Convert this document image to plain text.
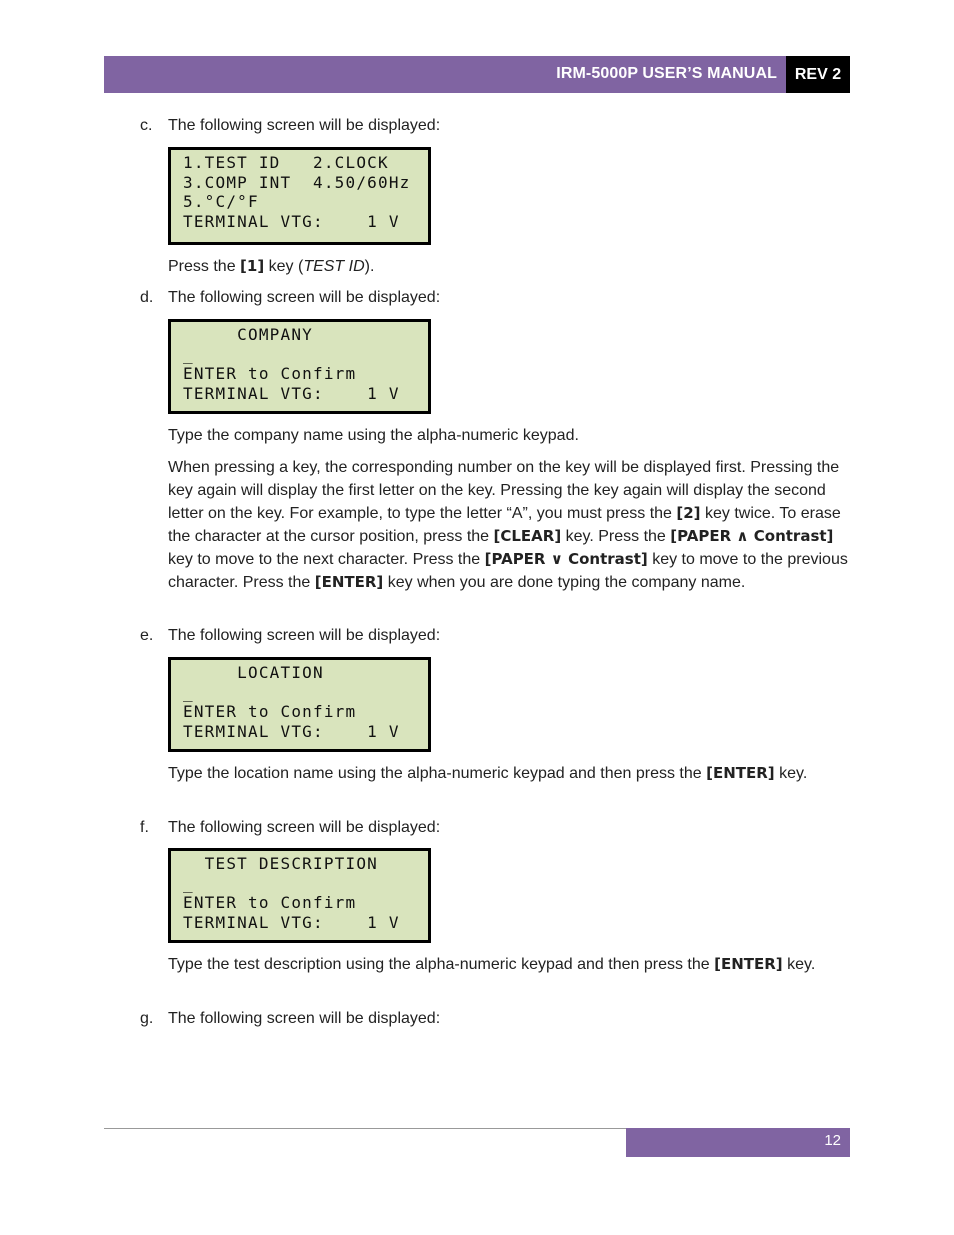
IRM-5000P USER’S MANUAL	REV 2
c. The following screen will be displayed:
1.TEST ID   2.CLOCK
3.COMP INT  4.50/60Hz
5.°C/°F
TERMINAL VTG:    1 V
Press the [1] key (TEST ID).
d. The following screen will be displayed:
COMPANY
_
ENTER to Confirm
TERMINAL VTG:    1 V
Type the company name using the alpha-numeric keypad.
When pressing a key, the corresponding number on the key will be displayed first. Pressing the key again will display the first letter on the key. Pressing the key again will display the second letter on the key. For example, to type the letter “A”, you must press the [2] key twice. To erase the character at the cursor position, press the [CLEAR] key. Press the [PAPER ∧ Contrast] key to move to the next character. Press the [PAPER ∨ Contrast] key to move to the previous character. Press the [ENTER] key when you are done typing the company name.
e. The following screen will be displayed:
LOCATION
_
ENTER to Confirm
TERMINAL VTG:    1 V
Type the location name using the alpha-numeric keypad and then press the [ENTER] key.
f. The following screen will be displayed:
TEST DESCRIPTION
_
ENTER to Confirm
TERMINAL VTG:    1 V
Type the test description using the alpha-numeric keypad and then press the [ENTER] key.
g. The following screen will be displayed:
12
